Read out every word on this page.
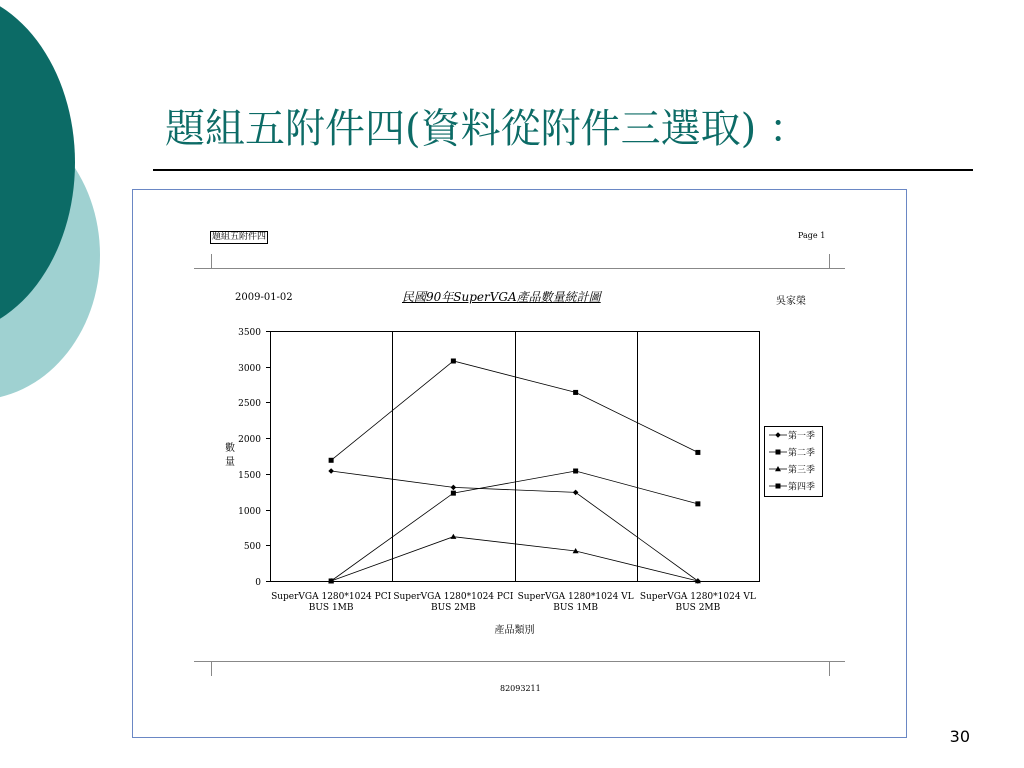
題組五附件四(資料從附件三選取) ：
題組五附件四	Page 1
2009-01-02	民國90年SuperVGA產品數量統計圖	吳家榮
82093211
0
500
1000
1500
2000
2500
3000
3500
SuperVGA 1280*1024 PCI
BUS 1MB
SuperVGA 1280*1024 PCI
BUS 2MB
SuperVGA 1280*1024 VL
BUS 1MB
SuperVGA 1280*1024 VL
BUS 2MB
產品類別
數量
第一季
第二季
第三季
第四季
30
